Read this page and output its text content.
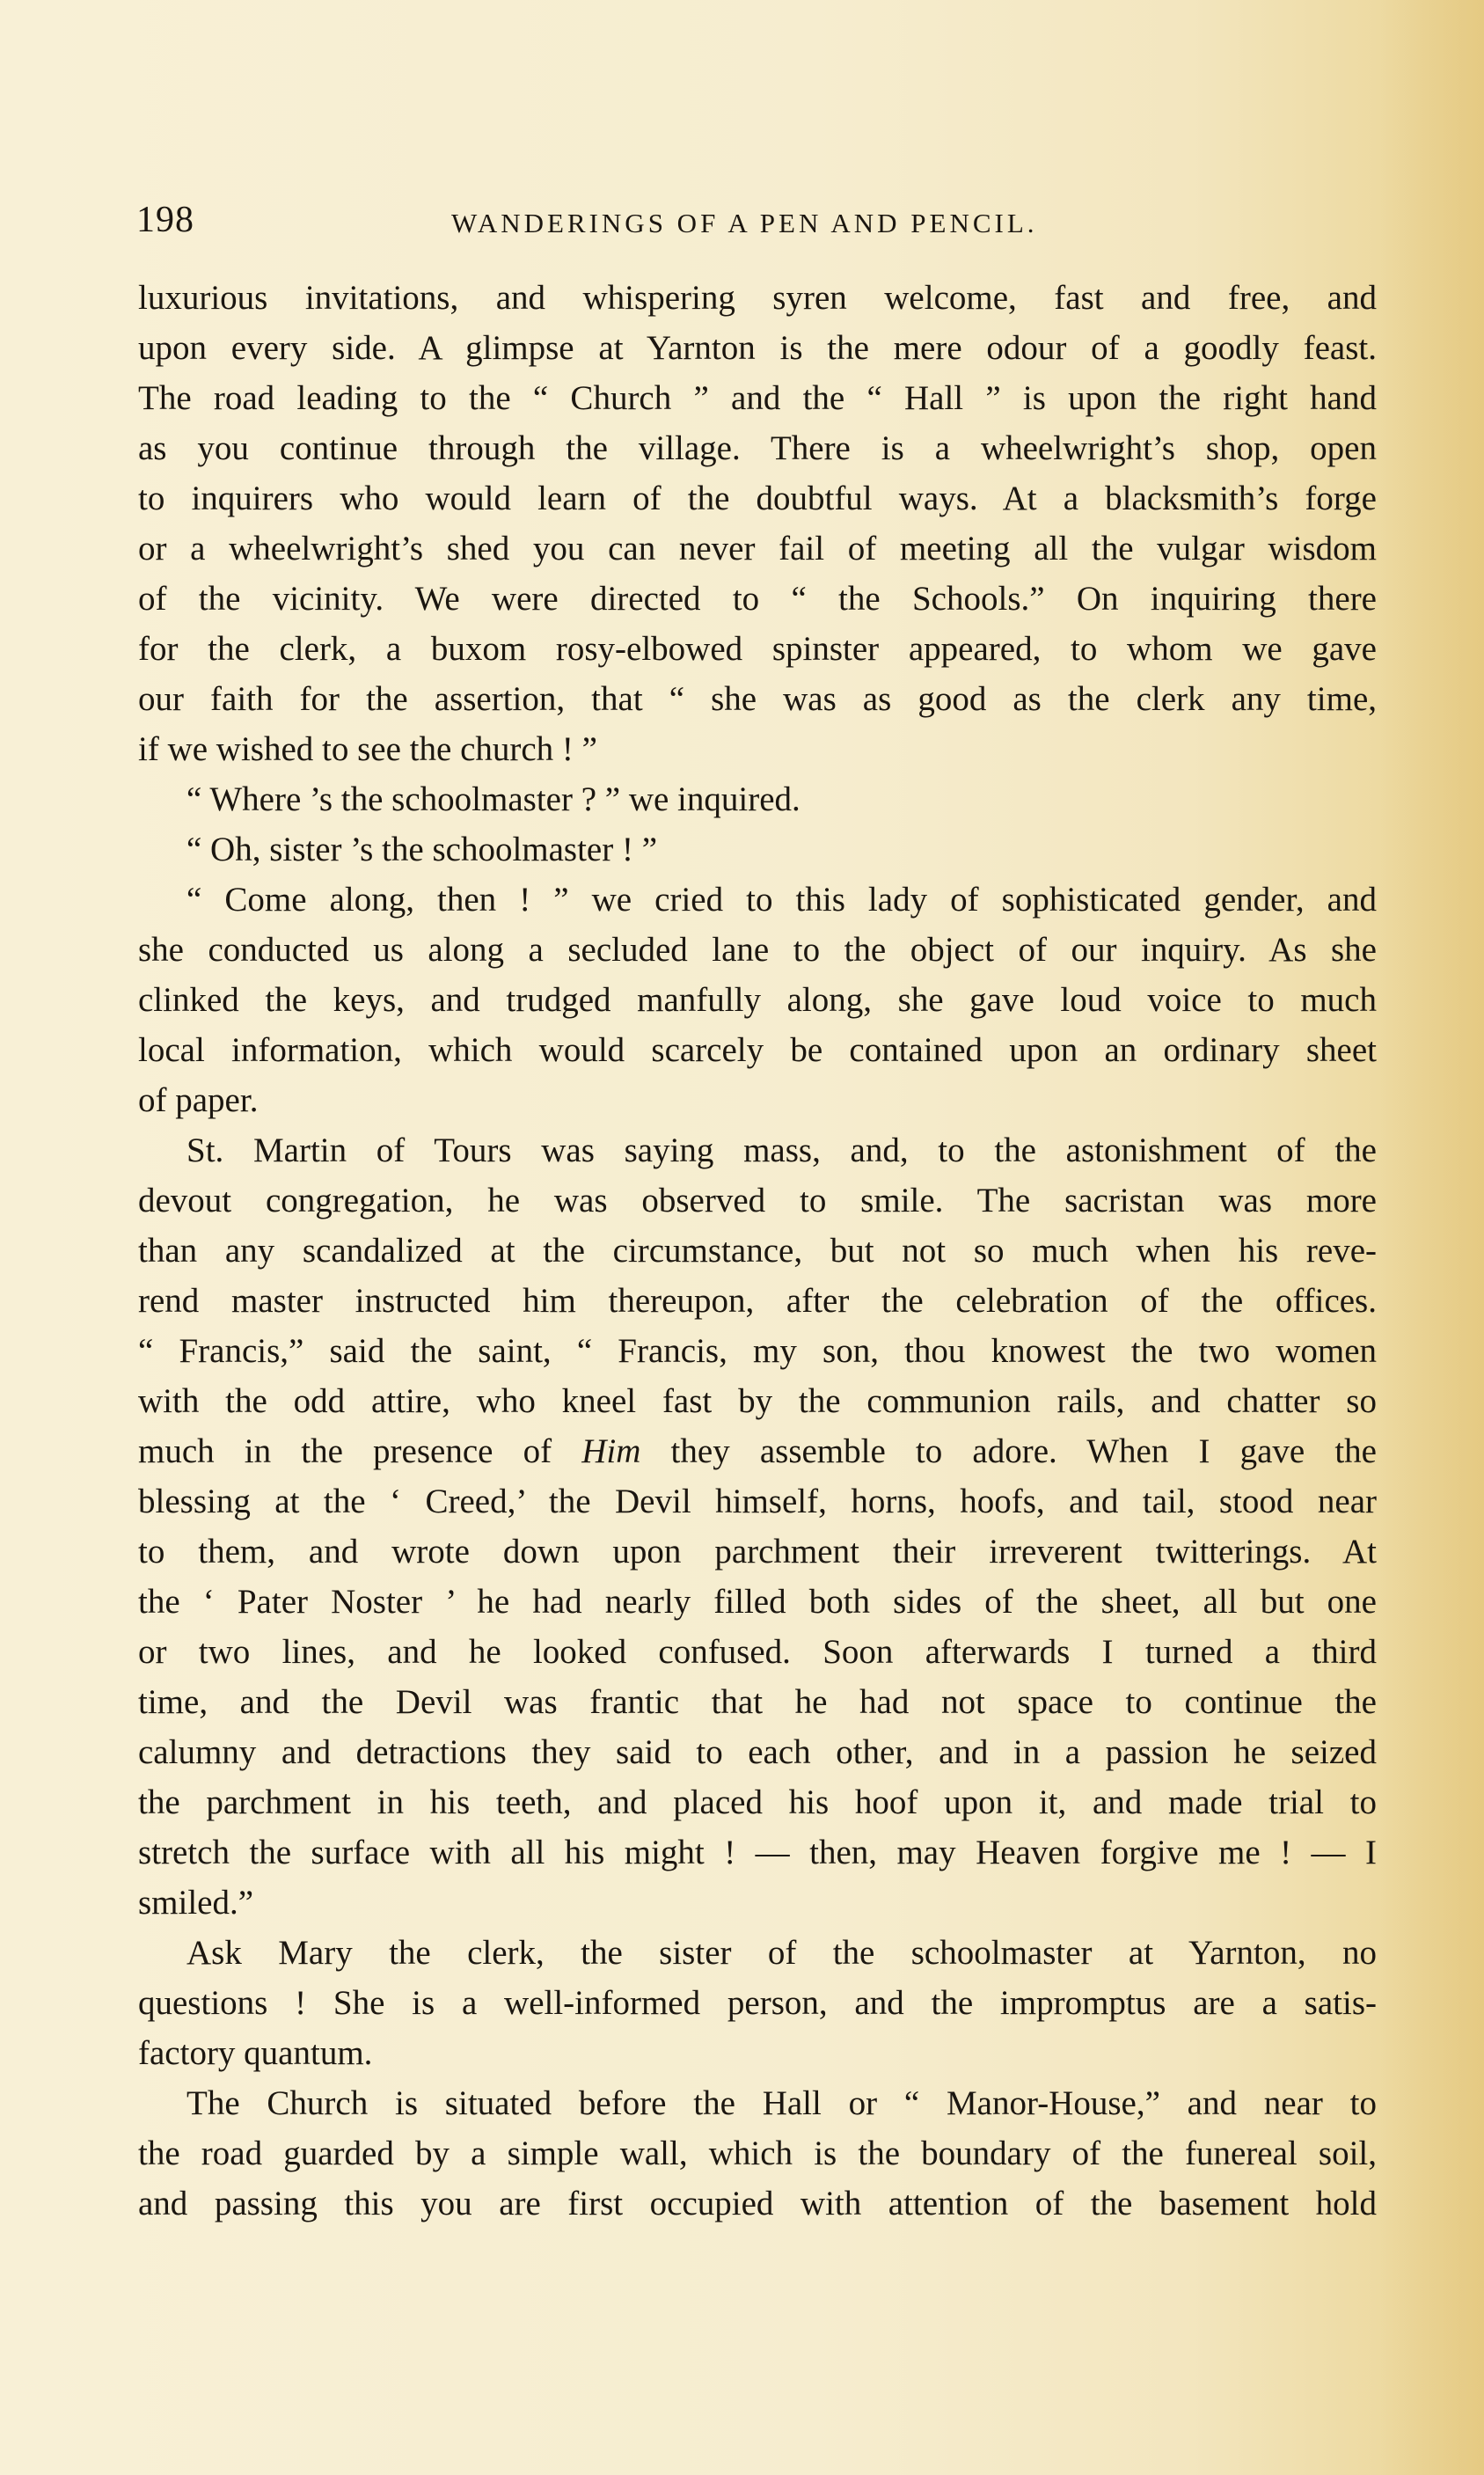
198	WANDERINGS OF A PEN AND PENCIL.
luxurious invitations, and whispering syren welcome, fast and free, and
upon every side. A glimpse at Yarnton is the mere odour of a goodly feast.
The road leading to the “ Church ” and the “ Hall ” is upon the right hand
as you continue through the village. There is a wheelwright’s shop, open
to inquirers who would learn of the doubtful ways. At a blacksmith’s forge
or a wheelwright’s shed you can never fail of meeting all the vulgar wisdom
of the vicinity. We were directed to “ the Schools.” On inquiring there
for the clerk, a buxom rosy-elbowed spinster appeared, to whom we gave
our faith for the assertion, that “ she was as good as the clerk any time,
if we wished to see the church ! ”
“ Where ’s the schoolmaster ? ” we inquired.
“ Oh, sister ’s the schoolmaster ! ”
“ Come along, then ! ” we cried to this lady of sophisticated gender, and
she conducted us along a secluded lane to the object of our inquiry. As she
clinked the keys, and trudged manfully along, she gave loud voice to much
local information, which would scarcely be contained upon an ordinary sheet
of paper.
St. Martin of Tours was saying mass, and, to the astonishment of the
devout congregation, he was observed to smile. The sacristan was more
than any scandalized at the circumstance, but not so much when his reve-
rend master instructed him thereupon, after the celebration of the offices.
“ Francis,” said the saint, “ Francis, my son, thou knowest the two women
with the odd attire, who kneel fast by the communion rails, and chatter so
much in the presence of Him they assemble to adore. When I gave the
blessing at the ‘ Creed,’ the Devil himself, horns, hoofs, and tail, stood near
to them, and wrote down upon parchment their irreverent twitterings. At
the ‘ Pater Noster ’ he had nearly filled both sides of the sheet, all but one
or two lines, and he looked confused. Soon afterwards I turned a third
time, and the Devil was frantic that he had not space to continue the
calumny and detractions they said to each other, and in a passion he seized
the parchment in his teeth, and placed his hoof upon it, and made trial to
stretch the surface with all his might ! — then, may Heaven forgive me ! — I
smiled.”
Ask Mary the clerk, the sister of the schoolmaster at Yarnton, no
questions ! She is a well-informed person, and the impromptus are a satis-
factory quantum.
The Church is situated before the Hall or “ Manor-House,” and near to
the road guarded by a simple wall, which is the boundary of the funereal soil,
and passing this you are first occupied with attention of the basement hold
